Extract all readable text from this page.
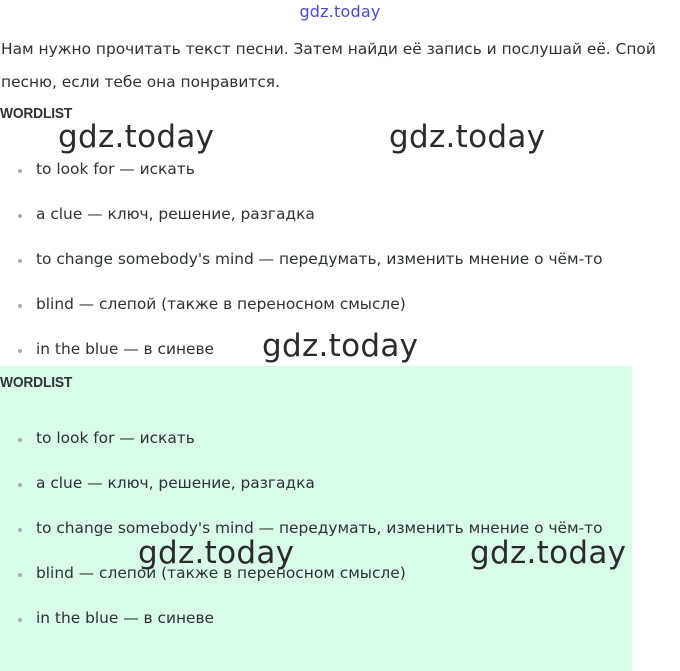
gdz.today

Нам нужно прочитать текст песни. Затем найди её запись и послушай её. Спой песню, если тебе она понравится.

WORDLIST
to look for — искать
a clue — ключ, решение, разгадка
to change somebody's mind — передумать, изменить мнение о чём-то
blind — слепой (также в переносном смысле)
in the blue — в синеве
WORDLIST
to look for — искать
a clue — ключ, решение, разгадка
to change somebody's mind — передумать, изменить мнение о чём-то
blind — слепой (также в переносном смысле)
in the blue — в синеве
gdz.today	gdz.today
gdz.today
gdz.today	gdz.today
